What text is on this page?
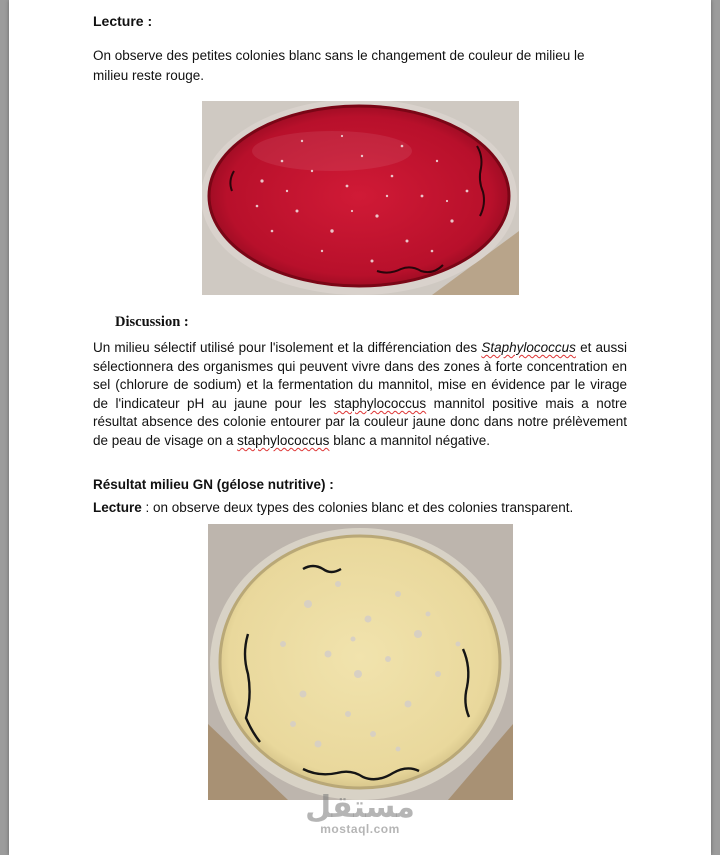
Lecture :
On observe des petites colonies blanc sans le changement de couleur de milieu le milieu reste rouge.
Discussion :
Un milieu sélectif utilisé pour l'isolement et la différenciation des Staphylococcus et aussi sélectionnera des organismes qui peuvent vivre dans des zones à forte concentration en sel (chlorure de sodium) et la fermentation du mannitol, mise en évidence par le virage de l'indicateur pH au jaune pour les staphylococcus mannitol positive mais a notre résultat absence des colonie entourer par la couleur jaune donc dans notre prélèvement de peau de visage on a staphylococcus blanc a mannitol négative.
Résultat milieu GN (gélose nutritive) :
Lecture : on observe deux types des colonies blanc et des colonies transparent.
مستقل
mostaql.com
